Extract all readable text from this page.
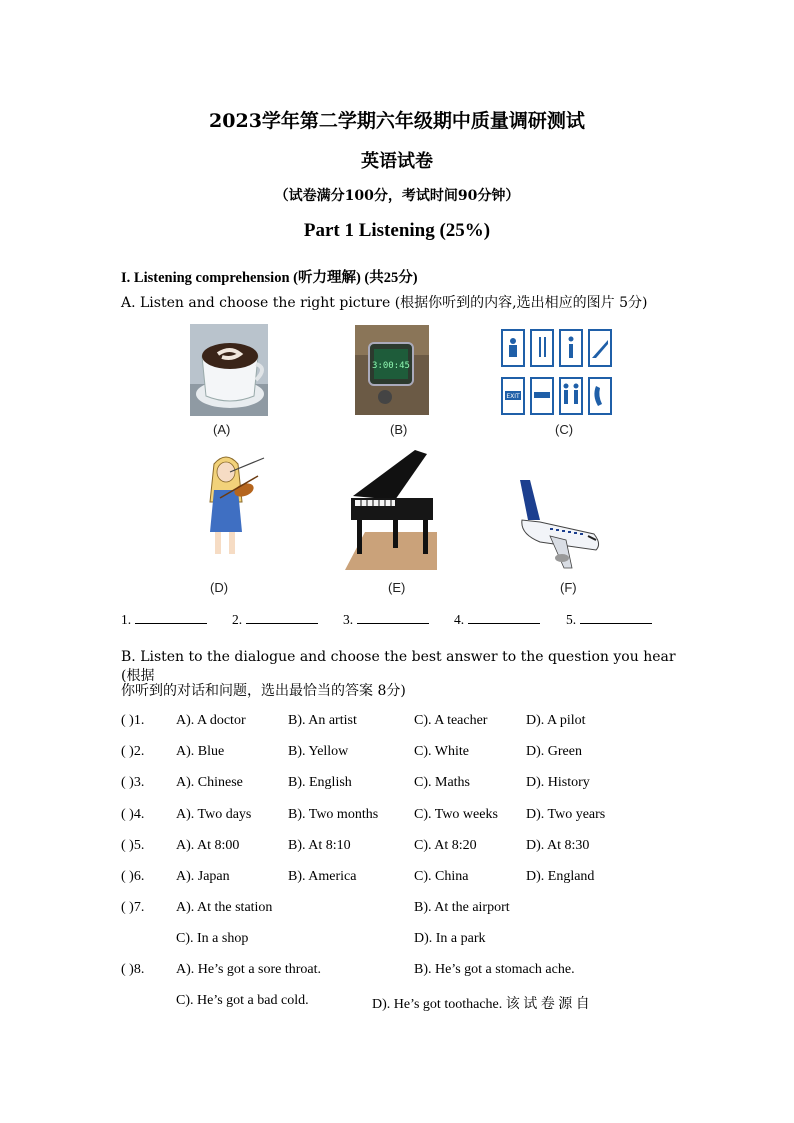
2023学年第二学期六年级期中质量调研测试
英语试卷
（试卷满分100分，考试时间90分钟）
Part 1 Listening (25%)
I. Listening comprehension (听力理解) (共25分)
A. Listen and choose the right picture (根据你听到的内容,选出相应的图片 5分)
(A)
3:00:45
(B)
EXIT
(C)
(D)	(E)	(F)
1.	2.	3.	4.	5.
B. Listen to the dialogue and choose the best answer to the question you hear (根据
你听到的对话和问题，选出最恰当的答案 8分)
( )1. A). A doctor	B). An artist	C). A teacher	D). A pilot
( )2. A). Blue	B). Yellow	C). White	D). Green
( )3. A). Chinese	B). English	C). Maths	D). History
( )4. A). Two days	B). Two months	C). Two weeks D). Two years
( )5. A). At 8:00	B). At 8:10	C). At 8:20	D). At 8:30
( )6. A). Japan	B). America	C). China	D). England
( )7. A). At the station	B). At the airport
C). In a shop	D). In a park
( )8. A). He’s got a sore throat.	B). He’s got a stomach ache.
C). He’s got a bad cold.	D). He’s got toothache. 该 试 卷 源 自
